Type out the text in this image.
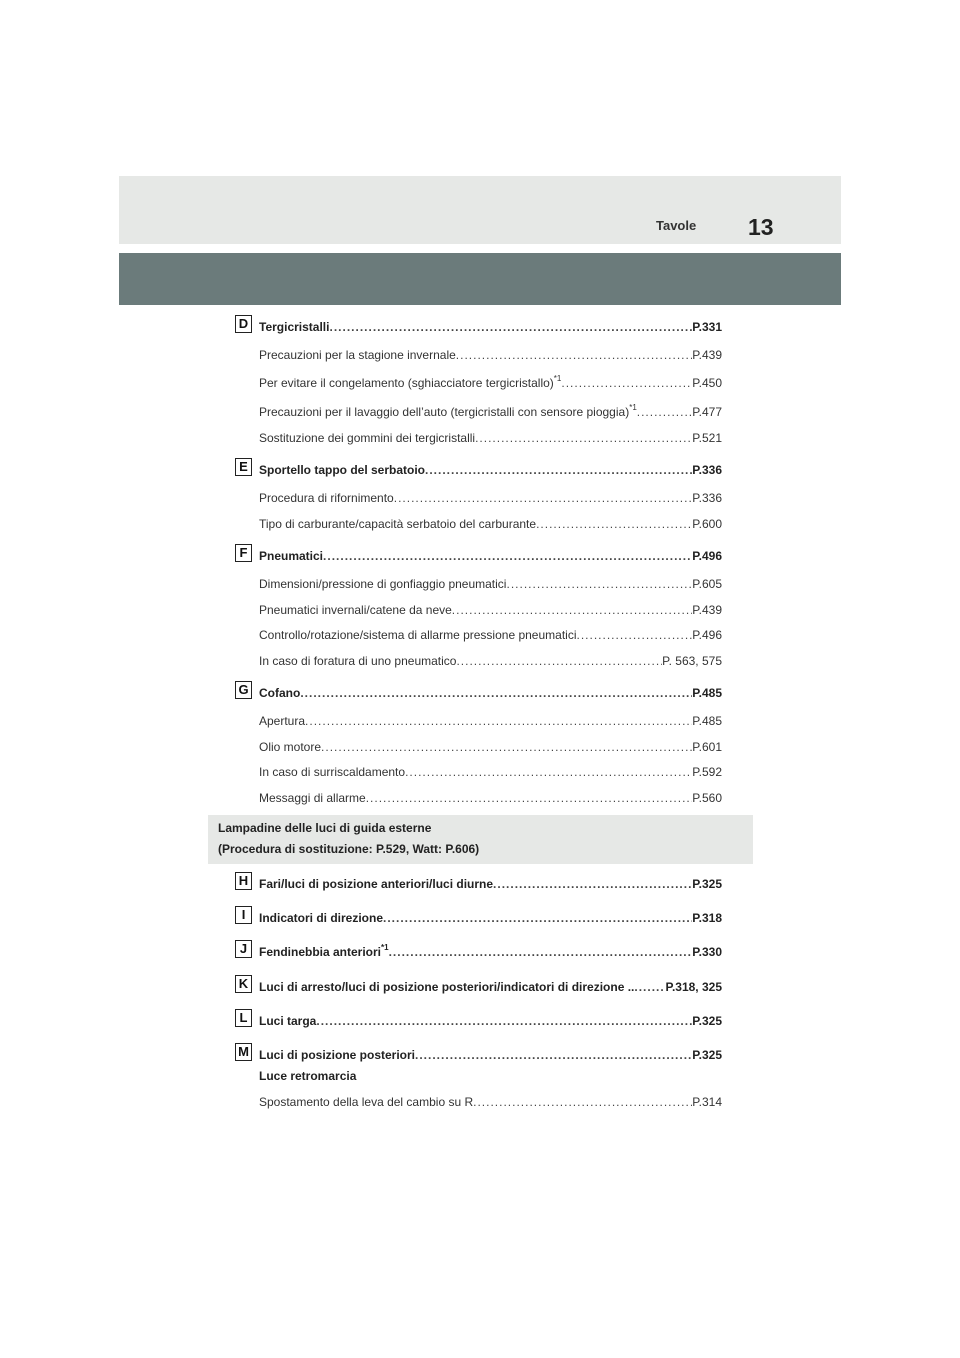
Tavole 13
D Tergicristalli .....	P.331
Precauzioni per la stagione invernale .....	P.439
Per evitare il congelamento (sghiacciatore tergicristallo)$^{*1}$ .....	P.450
Precauzioni per il lavaggio dell’auto (tergicristalli con sensore pioggia)$^{*1}$ .....	P.477
Sostituzione dei gommini dei tergicristalli .....	P.521
E Sportello tappo del serbatoio .....	P.336
Procedura di rifornimento .....	P.336
Tipo di carburante/capacità serbatoio del carburante .....	P.600
F Pneumatici .....	P.496
Dimensioni/pressione di gonfiaggio pneumatici .....	P.605
Pneumatici invernali/catene da neve .....	P.439
Controllo/rotazione/sistema di allarme pressione pneumatici .....	P.496
In caso di foratura di uno pneumatico .....	P. 563, 575
G Cofano .....	P.485
Apertura .....	P.485
Olio motore .....	P.601
In caso di surriscaldamento .....	P.592
Messaggi di allarme .....	P.560
Lampadine delle luci di guida esterne
(Procedura di sostituzione: P.529, Watt: P.606)
H Fari/luci di posizione anteriori/luci diurne .....	P.325
I	Indicatori di direzione .....	P.318
J Fendinebbia anteriori$^{*1}$ .....	P.330
K Luci di arresto/luci di posizione posteriori/indicatori di direzione .. .....	P.318, 325
L Luci targa .....	P.325
M Luci di posizione posteriori .....	P.325
Luce retromarcia
Spostamento della leva del cambio su R .....	P.314
